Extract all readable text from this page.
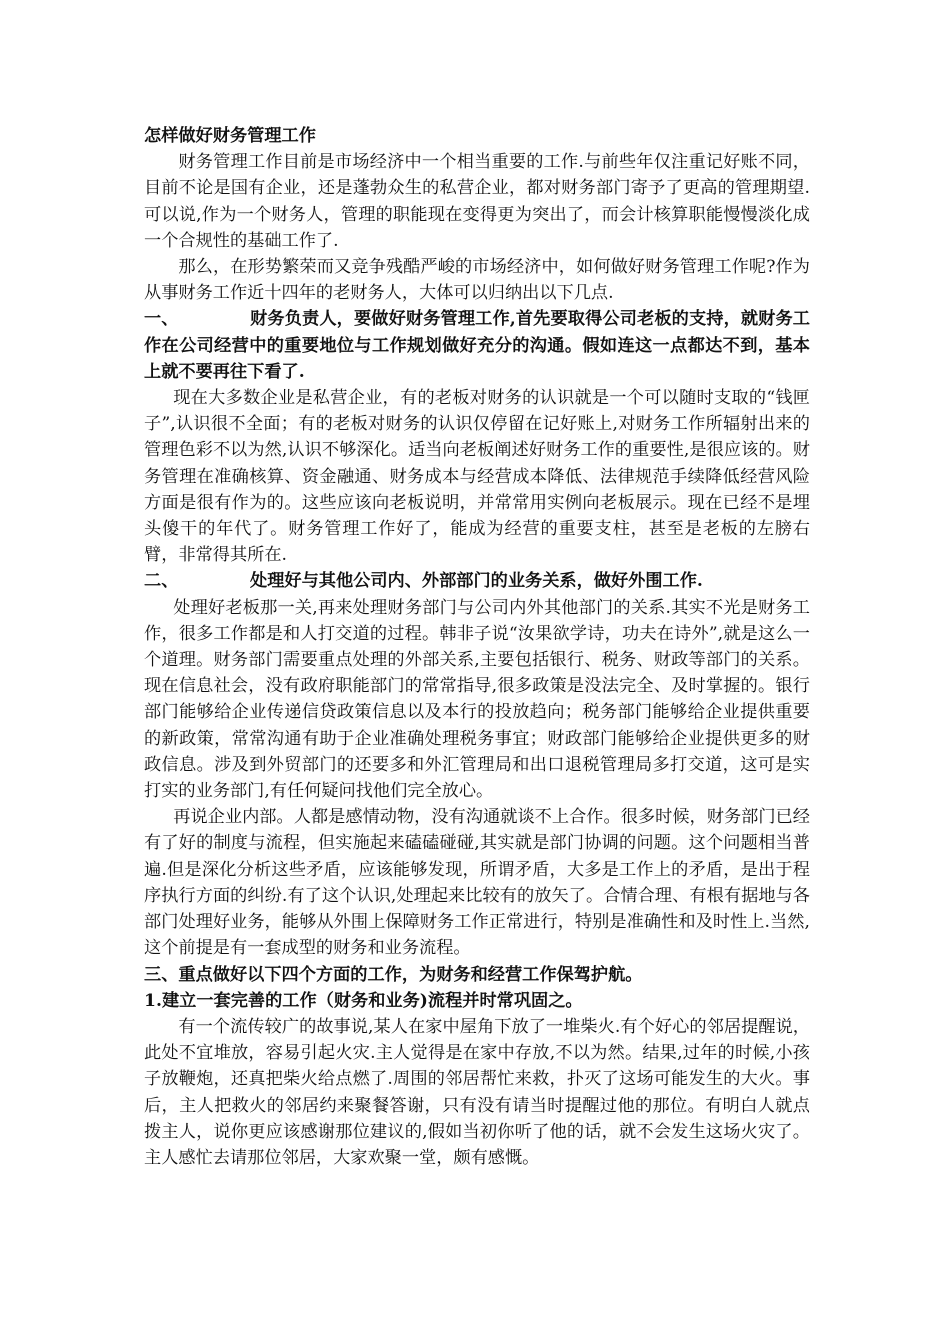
怎样做好财务管理工作

财务管理工作目前是市场经济中一个相当重要的工作.与前些年仅注重记好账不同，目前不论是国有企业，还是蓬勃众生的私营企业，都对财务部门寄予了更高的管理期望.可以说,作为一个财务人，管理的职能现在变得更为突出了，而会计核算职能慢慢淡化成一个合规性的基础工作了.

那么，在形势繁荣而又竞争残酷严峻的市场经济中，如何做好财务管理工作呢?作为从事财务工作近十四年的老财务人，大体可以归纳出以下几点.

一、	财务负责人，要做好财务管理工作,首先要取得公司老板的支持，就财务工作在公司经营中的重要地位与工作规划做好充分的沟通。假如连这一点都达不到，基本上就不要再往下看了.

现在大多数企业是私营企业，有的老板对财务的认识就是一个可以随时支取的“钱匣子”,认识很不全面；有的老板对财务的认识仅停留在记好账上,对财务工作所辐射出来的管理色彩不以为然,认识不够深化。适当向老板阐述好财务工作的重要性,是很应该的。财务管理在准确核算、资金融通、财务成本与经营成本降低、法律规范手续降低经营风险方面是很有作为的。这些应该向老板说明，并常常用实例向老板展示。现在已经不是埋头傻干的年代了。财务管理工作好了，能成为经营的重要支柱，甚至是老板的左膀右臂，非常得其所在.

二、	处理好与其他公司内、外部部门的业务关系，做好外围工作.

处理好老板那一关,再来处理财务部门与公司内外其他部门的关系.其实不光是财务工作，很多工作都是和人打交道的过程。韩非子说“汝果欲学诗，功夫在诗外”,就是这么一个道理。财务部门需要重点处理的外部关系,主要包括银行、税务、财政等部门的关系。现在信息社会，没有政府职能部门的常常指导,很多政策是没法完全、及时掌握的。银行部门能够给企业传递信贷政策信息以及本行的投放趋向；税务部门能够给企业提供重要的新政策，常常沟通有助于企业准确处理税务事宜；财政部门能够给企业提供更多的财政信息。涉及到外贸部门的还要多和外汇管理局和出口退税管理局多打交道，这可是实打实的业务部门,有任何疑问找他们完全放心。

再说企业内部。人都是感情动物，没有沟通就谈不上合作。很多时候，财务部门已经有了好的制度与流程，但实施起来磕磕碰碰,其实就是部门协调的问题。这个问题相当普遍.但是深化分析这些矛盾，应该能够发现，所谓矛盾，大多是工作上的矛盾，是出于程序执行方面的纠纷.有了这个认识,处理起来比较有的放矢了。合情合理、有根有据地与各部门处理好业务，能够从外围上保障财务工作正常进行，特别是准确性和及时性上.当然,这个前提是有一套成型的财务和业务流程。

三、重点做好以下四个方面的工作，为财务和经营工作保驾护航。

1.建立一套完善的工作（财务和业务)流程并时常巩固之。

有一个流传较广的故事说,某人在家中屋角下放了一堆柴火.有个好心的邻居提醒说，此处不宜堆放，容易引起火灾.主人觉得是在家中存放,不以为然。结果,过年的时候,小孩子放鞭炮，还真把柴火给点燃了.周围的邻居帮忙来救，扑灭了这场可能发生的大火。事后，主人把救火的邻居约来聚餐答谢，只有没有请当时提醒过他的那位。有明白人就点拨主人，说你更应该感谢那位建议的,假如当初你听了他的话，就不会发生这场火灾了。主人感忙去请那位邻居，大家欢聚一堂，颇有感慨。
